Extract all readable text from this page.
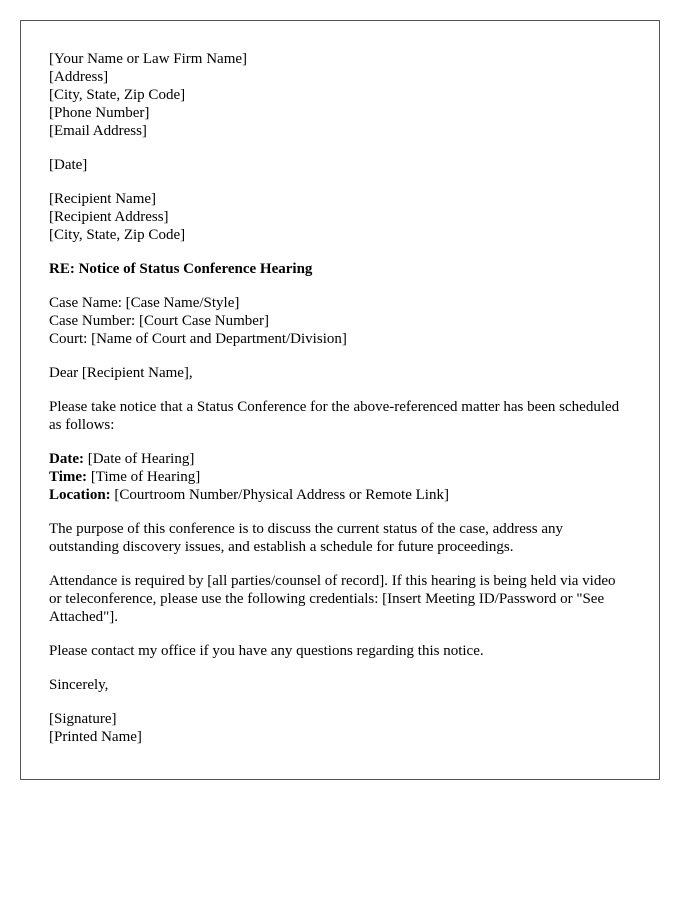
[Your Name or Law Firm Name]
[Address]
[City, State, Zip Code]
[Phone Number]
[Email Address]
[Date]
[Recipient Name]
[Recipient Address]
[City, State, Zip Code]
RE: Notice of Status Conference Hearing
Case Name: [Case Name/Style]
Case Number: [Court Case Number]
Court: [Name of Court and Department/Division]
Dear [Recipient Name],

Please take notice that a Status Conference for the above-referenced matter has been scheduled as follows:

Date: [Date of Hearing]
Time: [Time of Hearing]
Location: [Courtroom Number/Physical Address or Remote Link]

The purpose of this conference is to discuss the current status of the case, address any outstanding discovery issues, and establish a schedule for future proceedings.

Attendance is required by [all parties/counsel of record]. If this hearing is being held via video or teleconference, please use the following credentials: [Insert Meeting ID/Password or "See Attached"].

Please contact my office if you have any questions regarding this notice.

Sincerely,
[Signature]
[Printed Name]
